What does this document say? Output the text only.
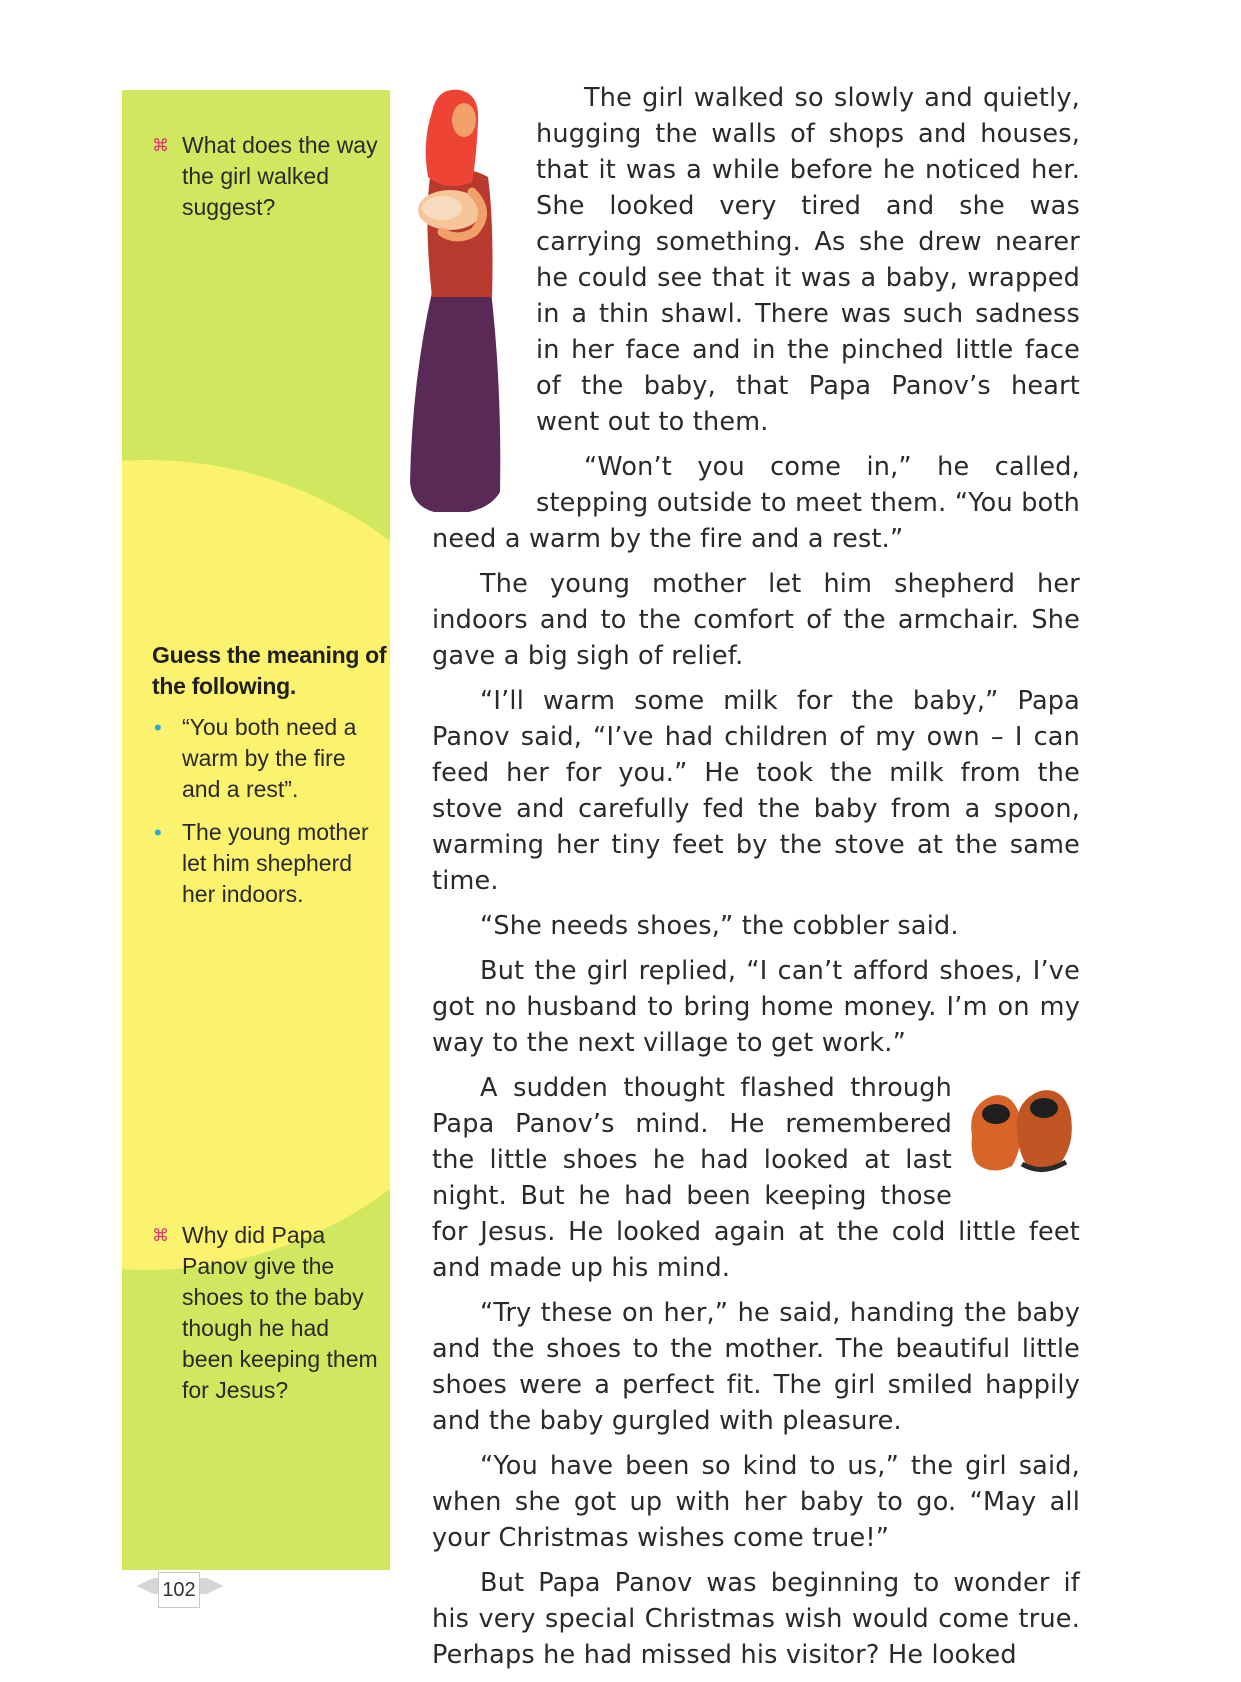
⌘ What does the way the girl walked suggest?
Guess the meaning of the following.
• “You both need a warm by the fire and a rest”.
• The young mother let him shepherd her indoors.
⌘ Why did Papa Panov give the shoes to the baby though he had been keeping them for Jesus?
102

The girl walked so slowly and quietly, hugging the walls of shops and houses, that it was a while before he noticed her. She looked very tired and she was carrying something. As she drew nearer he could see that it was a baby, wrapped in a thin shawl. There was such sadness in her face and in the pinched little face of the baby, that Papa Panov’s heart went out to them.

“Won’t you come in,” he called, stepping outside to meet them. “You both need a warm by the fire and a rest.”

The young mother let him shepherd her indoors and to the comfort of the armchair. She gave a big sigh of relief.

“I’ll warm some milk for the baby,” Papa Panov said, “I’ve had children of my own – I can feed her for you.” He took the milk from the stove and carefully fed the baby from a spoon, warming her tiny feet by the stove at the same time.

“She needs shoes,” the cobbler said.

But the girl replied, “I can’t afford shoes, I’ve got no husband to bring home money. I’m on my way to the next village to get work.”

A sudden thought flashed through Papa Panov’s mind. He remembered the little shoes he had looked at last night. But he had been keeping those for Jesus. He looked again at the cold little feet and made up his mind.

“Try these on her,” he said, handing the baby and the shoes to the mother. The beautiful little shoes were a perfect fit. The girl smiled happily and the baby gurgled with pleasure.

“You have been so kind to us,” the girl said, when she got up with her baby to go. “May all your Christmas wishes come true!”

But Papa Panov was beginning to wonder if his very special Christmas wish would come true. Perhaps he had missed his visitor? He looked
